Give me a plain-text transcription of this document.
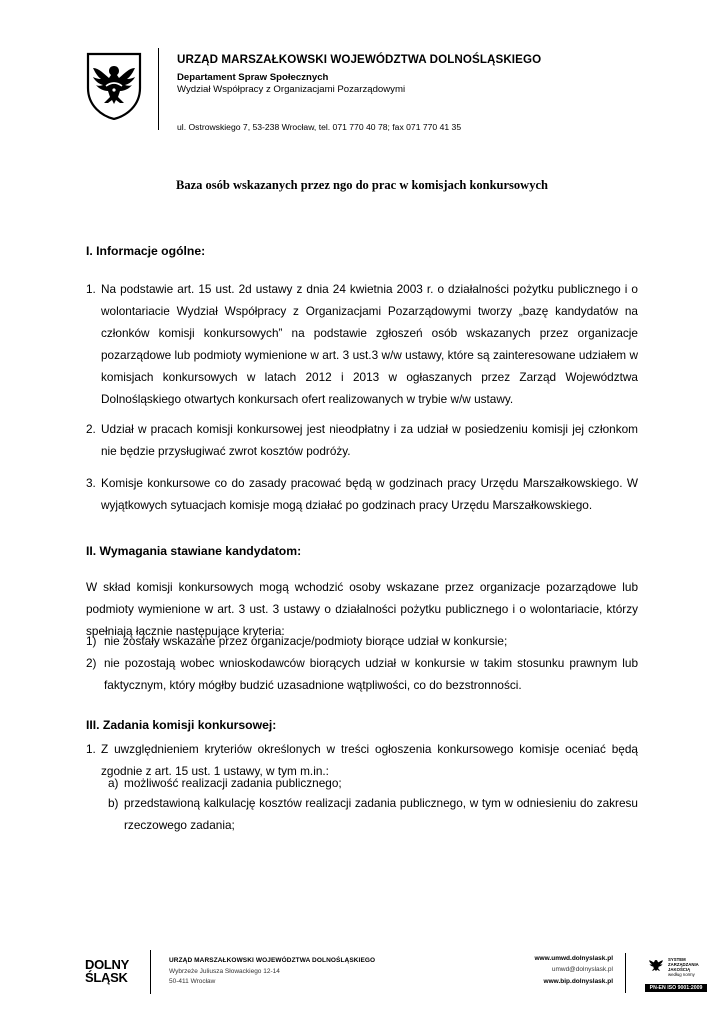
URZĄD MARSZAŁKOWSKI WOJEWÓDZTWA DOLNOŚLĄSKIEGO
Departament Spraw Społecznych
Wydział Współpracy z Organizacjami Pozarządowymi
ul. Ostrowskiego 7, 53-238 Wrocław, tel. 071 770 40 78; fax 071 770 41 35
Baza osób wskazanych przez ngo do prac w komisjach konkursowych
I. Informacje ogólne:
1. Na podstawie art. 15 ust. 2d ustawy z dnia 24 kwietnia 2003 r. o działalności pożytku publicznego i o wolontariacie Wydział Współpracy z Organizacjami Pozarządowymi tworzy „bazę kandydatów na członków komisji konkursowych” na podstawie zgłoszeń osób wskazanych przez organizacje pozarządowe lub podmioty wymienione w art. 3 ust.3 w/w ustawy, które są zainteresowane udziałem w komisjach konkursowych w latach 2012 i 2013 w ogłaszanych przez Zarząd Województwa Dolnośląskiego otwartych konkursach ofert realizowanych w trybie w/w ustawy.
2. Udział w pracach komisji konkursowej jest nieodpłatny i za udział w posiedzeniu komisji jej członkom nie będzie przysługiwać zwrot kosztów podróży.
3. Komisje konkursowe co do zasady pracować będą w godzinach pracy Urzędu Marszałkowskiego. W wyjątkowych sytuacjach komisje mogą działać po godzinach pracy Urzędu Marszałkowskiego.
II. Wymagania stawiane kandydatom:
W skład komisji konkursowych mogą wchodzić osoby wskazane przez organizacje pozarządowe lub podmioty wymienione w art. 3 ust. 3 ustawy o działalności pożytku publicznego i o wolontariacie, którzy spełniają łącznie następujące kryteria:
1) nie zostały wskazane przez organizacje/podmioty biorące udział w konkursie;
2) nie pozostają wobec wnioskodawców biorących udział w konkursie w takim stosunku prawnym lub faktycznym, który mógłby budzić uzasadnione wątpliwości, co do bezstronności.
III. Zadania komisji konkursowej:
1. Z uwzględnieniem kryteriów określonych w treści ogłoszenia konkursowego komisje oceniać będą zgodnie z art. 15 ust. 1 ustawy, w tym m.in.:
a) możliwość realizacji zadania publicznego;
b) przedstawioną kalkulację kosztów realizacji zadania publicznego, w tym w odniesieniu do zakresu rzeczowego zadania;
DOLNY
ŚLĄSK
URZĄD MARSZAŁKOWSKI WOJEWÓDZTWA DOLNOŚLĄSKIEGO
Wybrzeże Juliusza Słowackiego 12-14
50-411 Wrocław
www.umwd.dolnyslask.pl
umwd@dolnyslask.pl
www.bip.dolnyslask.pl
SYSTEM
ZARZĄDZANIA
JAKOŚCIĄ
według normy
PN-EN ISO 9001:2009
